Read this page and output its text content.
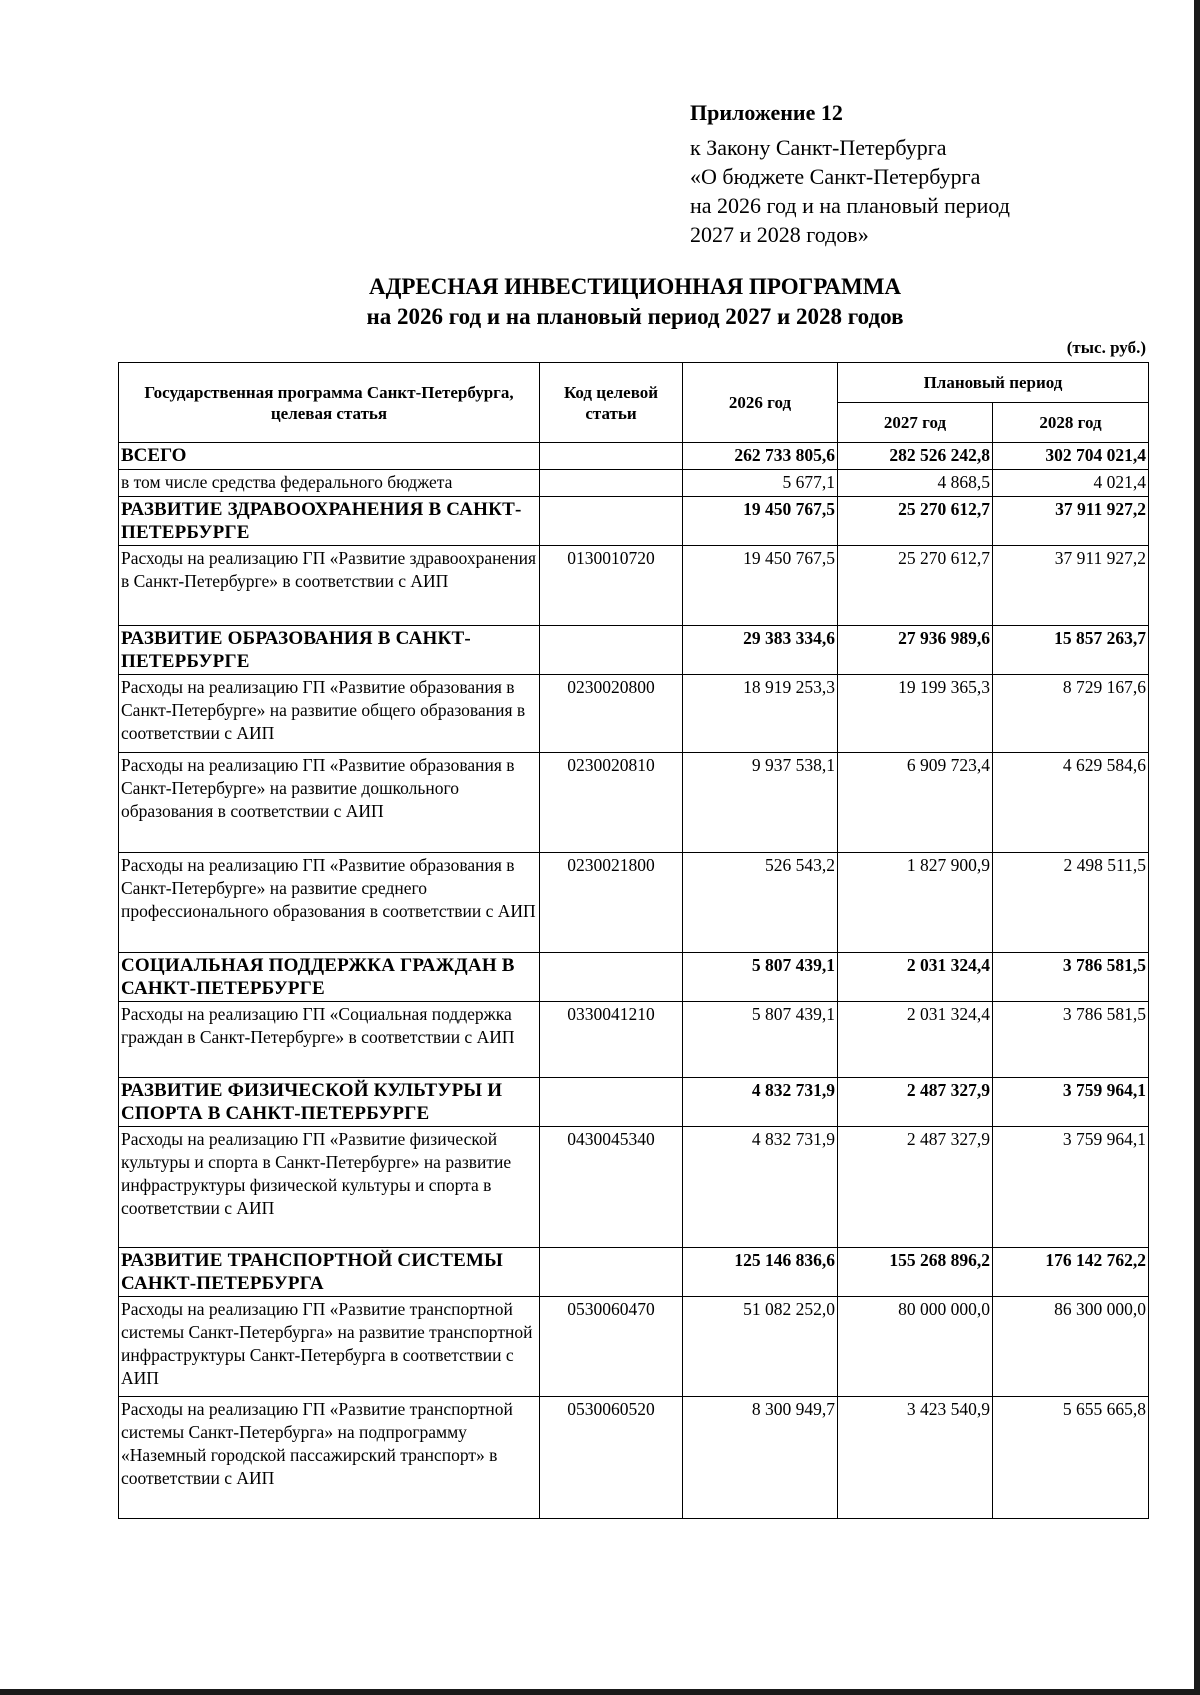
Приложение 12
к Закону Санкт-Петербурга
«О бюджете Санкт-Петербурга
на 2026 год и на плановый период
2027 и 2028 годов»
АДРЕСНАЯ ИНВЕСТИЦИОННАЯ ПРОГРАММА
на 2026 год и на плановый период 2027 и 2028 годов
(тыс. руб.)
Государственная программа Санкт-Петербурга, целевая статья	Код целевой статьи	2026 год	Плановый период	
			2027 год	2028 год
ВСЕГО		262 733 805,6	282 526 242,8	302 704 021,4
в том числе средства федерального бюджета		5 677,1	4 868,5	4 021,4
РАЗВИТИЕ ЗДРАВООХРАНЕНИЯ В САНКТ-ПЕТЕРБУРГЕ		19 450 767,5	25 270 612,7	37 911 927,2
Расходы на реализацию ГП «Развитие здравоохранения в Санкт-Петербурге» в соответствии с АИП	0130010720	19 450 767,5	25 270 612,7	37 911 927,2
РАЗВИТИЕ ОБРАЗОВАНИЯ В САНКТ-ПЕТЕРБУРГЕ		29 383 334,6	27 936 989,6	15 857 263,7
Расходы на реализацию ГП «Развитие образования в Санкт-Петербурге» на развитие общего образования в соответствии с АИП	0230020800	18 919 253,3	19 199 365,3	8 729 167,6
Расходы на реализацию ГП «Развитие образования в Санкт-Петербурге» на развитие дошкольного образования в соответствии с АИП	0230020810	9 937 538,1	6 909 723,4	4 629 584,6
Расходы на реализацию ГП «Развитие образования в Санкт-Петербурге» на развитие среднего профессионального образования в соответствии с АИП	0230021800	526 543,2	1 827 900,9	2 498 511,5
СОЦИАЛЬНАЯ ПОДДЕРЖКА ГРАЖДАН В САНКТ-ПЕТЕРБУРГЕ		5 807 439,1	2 031 324,4	3 786 581,5
Расходы на реализацию ГП «Социальная поддержка граждан в Санкт-Петербурге» в соответствии с АИП	0330041210	5 807 439,1	2 031 324,4	3 786 581,5
РАЗВИТИЕ ФИЗИЧЕСКОЙ КУЛЬТУРЫ И СПОРТА В САНКТ-ПЕТЕРБУРГЕ		4 832 731,9	2 487 327,9	3 759 964,1
Расходы на реализацию ГП «Развитие физической культуры и спорта в Санкт-Петербурге» на развитие инфраструктуры физической культуры и спорта в соответствии с АИП	0430045340	4 832 731,9	2 487 327,9	3 759 964,1
РАЗВИТИЕ ТРАНСПОРТНОЙ СИСТЕМЫ САНКТ-ПЕТЕРБУРГА		125 146 836,6	155 268 896,2	176 142 762,2
Расходы на реализацию ГП «Развитие транспортной системы Санкт-Петербурга» на развитие транспортной инфраструктуры Санкт-Петербурга в соответствии с АИП	0530060470	51 082 252,0	80 000 000,0	86 300 000,0
Расходы на реализацию ГП «Развитие транспортной системы Санкт-Петербурга» на подпрограмму «Наземный городской пассажирский транспорт» в соответствии с АИП	0530060520	8 300 949,7	3 423 540,9	5 655 665,8
